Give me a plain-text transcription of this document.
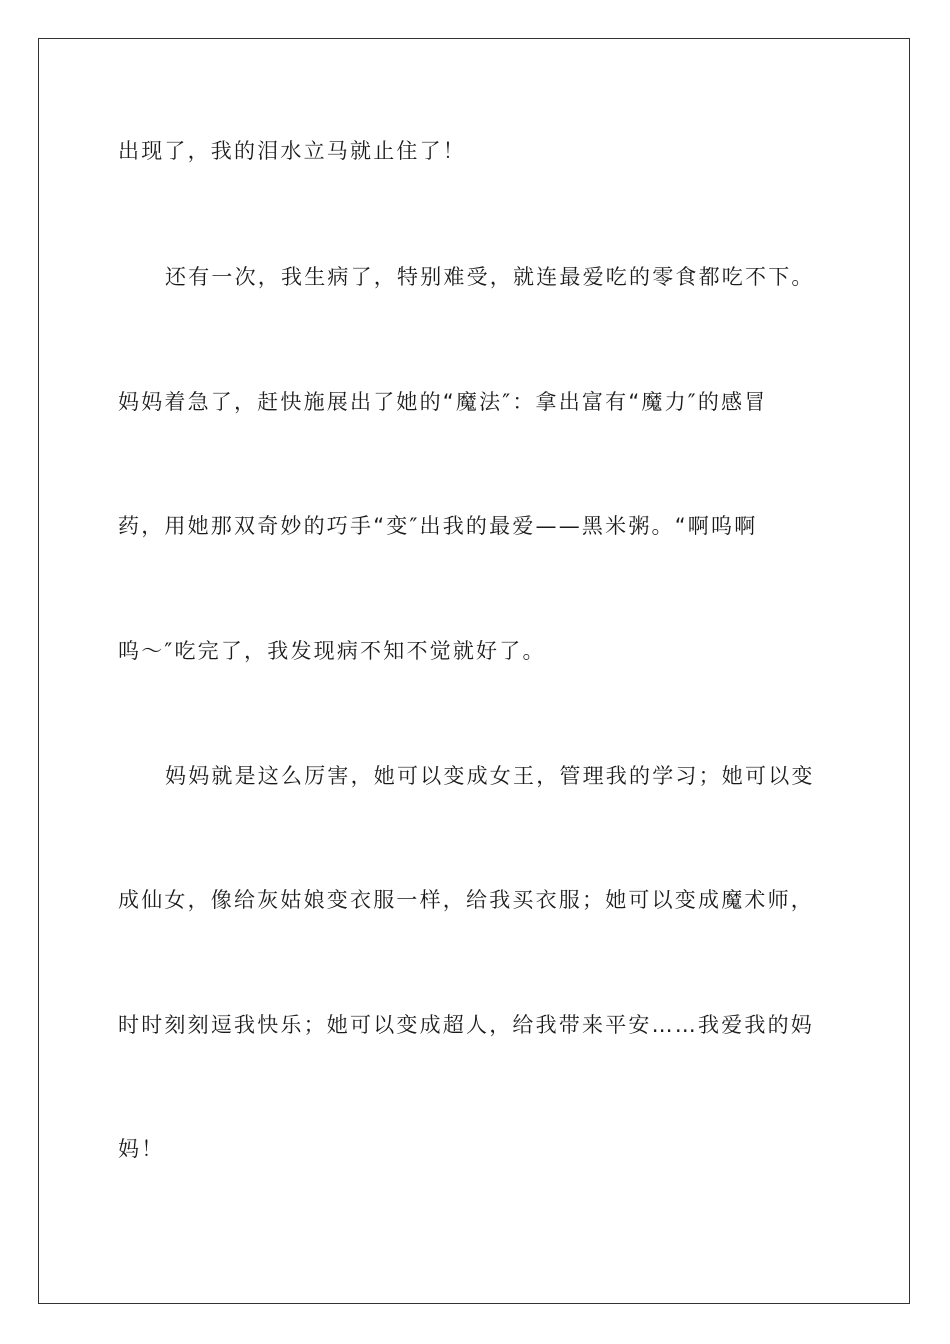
出现了，我的泪水立马就止住了！
还有一次，我生病了，特别难受，就连最爱吃的零食都吃不下。
妈妈着急了，赶快施展出了她的“魔法″：拿出富有“魔力″的感冒
药，用她那双奇妙的巧手“变″出我的最爱——黑米粥。“啊呜啊
呜～″吃完了，我发现病不知不觉就好了。
妈妈就是这么厉害，她可以变成女王，管理我的学习；她可以变
成仙女，像给灰姑娘变衣服一样，给我买衣服；她可以变成魔术师，
时时刻刻逗我快乐；她可以变成超人，给我带来平安……我爱我的妈
妈！
